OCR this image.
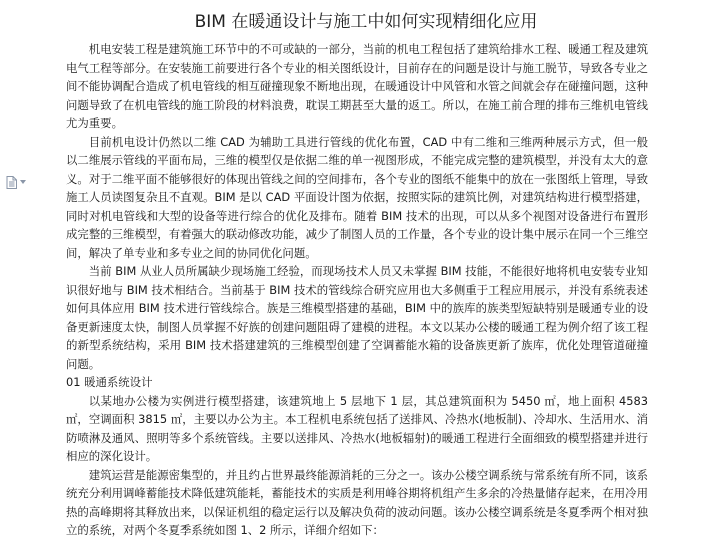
BIM 在暖通设计与施工中如何实现精细化应用

机电安装工程是建筑施工环节中的不可或缺的一部分，当前的机电工程包括了建筑给排水工程、暖通工程及建筑电气工程等部分。在安装施工前要进行各个专业的相关图纸设计，目前存在的问题是设计与施工脱节，导致各专业之间不能协调配合造成了机电管线的相互碰撞现象不断地出现，在暖通设计中风管和水管之间就会存在碰撞问题，这种问题导致了在机电管线的施工阶段的材料浪费，耽误工期甚至大量的返工。所以，在施工前合理的排布三维机电管线尤为重要。

目前机电设计仍然以二维 CAD 为辅助工具进行管线的优化布置，CAD 中有二维和三维两种展示方式，但一般以二维展示管线的平面布局，三维的模型仅是依据二维的单一视图形成，不能完成完整的建筑模型，并没有太大的意义。对于二维平面不能够很好的体现出管线之间的空间排布，各个专业的图纸不能集中的放在一张图纸上管理，导致施工人员读图复杂且不直观。BIM 是以 CAD 平面设计图为依据，按照实际的建筑比例，对建筑结构进行模型搭建，同时对机电管线和大型的设备等进行综合的优化及排布。随着 BIM 技术的出现，可以从多个视图对设备进行布置形成完整的三维模型，有着强大的联动修改功能，减少了制图人员的工作量，各个专业的设计集中展示在同一个三维空间，解决了单专业和多专业之间的协同优化问题。

当前 BIM 从业人员所属缺少现场施工经验，而现场技术人员又未掌握 BIM 技能，不能很好地将机电安装专业知识很好地与 BIM 技术相结合。当前基于 BIM 技术的管线综合研究应用也大多侧重于工程应用展示，并没有系统表述如何具体应用 BIM 技术进行管线综合。族是三维模型搭建的基础，BIM 中的族库的族类型短缺特别是暖通专业的设备更新速度太快，制图人员掌握不好族的创建问题阻碍了建模的进程。本文以某办公楼的暖通工程为例介绍了该工程的新型系统结构，采用 BIM 技术搭建建筑的三维模型创建了空调蓄能水箱的设备族更新了族库，优化处理管道碰撞问题。

01 暖通系统设计

以某地办公楼为实例进行模型搭建，该建筑地上 5 层地下 1 层，其总建筑面积为 5450 ㎡，地上面积 4583 ㎡，空调面积 3815 ㎡，主要以办公为主。本工程机电系统包括了送排风、冷热水(地板制)、冷却水、生活用水、消防喷淋及通风、照明等多个系统管线。主要以送排风、冷热水(地板辐射)的暖通工程进行全面细致的模型搭建并进行相应的深化设计。

建筑运营是能源密集型的，并且约占世界最终能源消耗的三分之一。该办公楼空调系统与常系统有所不同，该系统充分利用调峰蓄能技术降低建筑能耗，蓄能技术的实质是利用峰谷期将机组产生多余的冷热量储存起来，在用冷用热的高峰期将其释放出来，以保证机组的稳定运行以及解决负荷的波动问题。该办公楼空调系统是冬夏季两个相对独立的系统，对两个冬夏季系统如图 1、2 所示，详细介绍如下：
